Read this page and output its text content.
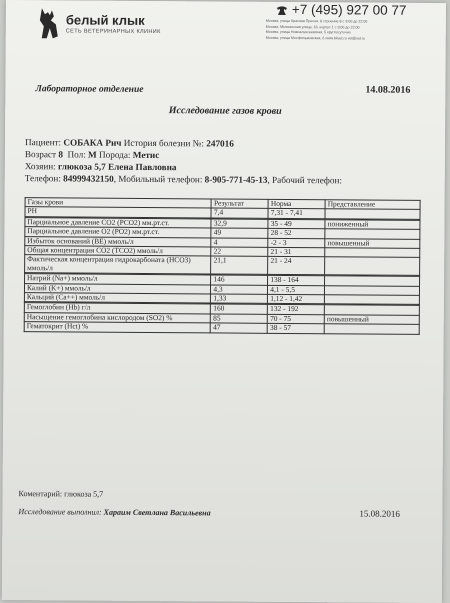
белый клык
СЕТЬ ВЕТЕРИНАРНЫХ КЛИНИК
+7 (495) 927 00 77
Москва, улица Красная Пресня, 8 строение 8 с 9:00 до 22:00
Москва, Мытнинская улица, 16, корпус 1 с 9:00 до 22:00
Москва, улица Новоалексеевская, 5 круглосуточно
Москва, улица Мосфильмовская, 6 www.bkvet.ru vet@vet.ru
Лабораторное отделение	14.08.2016
Исследование газов крови
Пациент: СОБАКА Рич История болезни №: 247016
Возраст 8 Пол: М Порода: Метис
Хозяин: глюкоза 5,7 Елена Павловна
Телефон: 84999432150, Мобильный телефон: 8-905-771-45-13, Рабочий телефон:
Газы крови	Результат	Норма	Представление
PH	7,4	7,31 - 7,41	

Парциальное давление CO2 (PCO2) мм.рт.ст.	32,9	35 - 49	пониженный
Парциальное давление O2 (PO2) мм.рт.ст.	49	28 - 52	
Избыток оснований (BE) ммоль/л	4	-2 - 3	повышенный
Общая концентрация CO2 (TCO2) ммоль/л	22	21 - 31	
Фактическая концентрация гидрокарбоната (HCO3) ммоль/л	21,1	21 - 24	

Натрий (Na+) ммоль/л	146	138 - 164	
Калий (K+) ммоль/л	4,3	4,1 - 5,5	
Кальций (Ca++) ммоль/л	1,33	1,12 - 1,42	

Гемоглобин (Hb) г/л	160	132 - 192	
Насыщение гемоглобина кислородом (SO2) %	85	70 - 75	повышенный
Гематокрит (Hct) %	47	38 - 57	
Коментарий: глюкоза 5,7
Исследование выполнил: Хараим Светлана Васильевна	15.08.2016
